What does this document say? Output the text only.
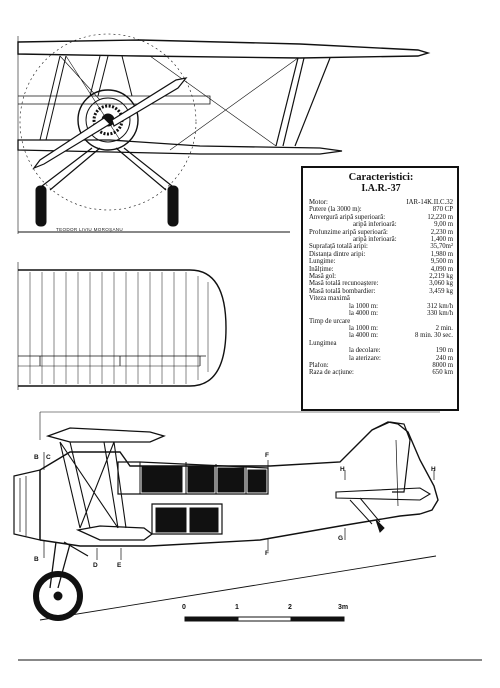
TEODOR LIVIU MOROŞANU
B C
B
D	E
F
F
G
H	H
0	1	2	3m
Caracteristici:
I.A.R.-37
Motor:	IAR-14K.II.C.32
Putere (la 3000 m):	870 CP
Anvergură aripă superioară:	12,220 m
aripă inferioară:	9,00 m
Profunzime aripă superioară:	2,230 m
aripă inferioară:	1,400 m
Suprafață totală aripi:	35,70m²
Distanța dintre aripi:	1,980 m
Lungime:	9,500 m
Înălțime:	4,090 m
Masă gol:	2,219 kg
Masă totală recunoaștere:	3,060 kg
Masă totală bombardier:	3,459 kg
Viteza maximă
la 1000 m:	312 km/h
la 4000 m:	330 km/h
Timp de urcare
la 1000 m:	2 min.
la 4000 m:	8 min. 30 sec.
Lungimea
la decolare:	190 m
la aterizare:	240 m
Plafon:	8000 m
Raza de acțiune:	650 km
